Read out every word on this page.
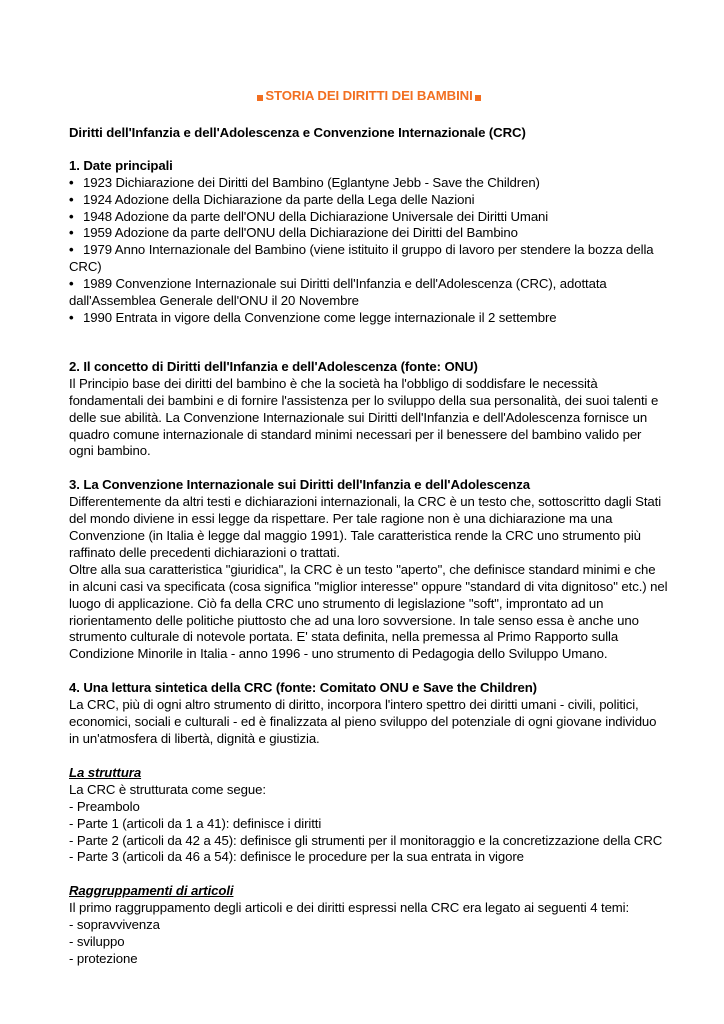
STORIA DEI DIRITTI DEI BAMBINI

Diritti dell'Infanzia e dell'Adolescenza e Convenzione Internazionale (CRC)

1. Date principali

• 1923 Dichiarazione dei Diritti del Bambino (Eglantyne Jebb - Save the Children)
• 1924 Adozione della Dichiarazione da parte della Lega delle Nazioni
• 1948 Adozione da parte dell'ONU della Dichiarazione Universale dei Diritti Umani
• 1959 Adozione da parte dell'ONU della Dichiarazione dei Diritti del Bambino
• 1979 Anno Internazionale del Bambino (viene istituito il gruppo di lavoro per stendere la bozza della CRC)
• 1989 Convenzione Internazionale sui Diritti dell'Infanzia e dell'Adolescenza (CRC), adottata dall'Assemblea Generale dell'ONU il 20 Novembre
• 1990 Entrata in vigore della Convenzione come legge internazionale il 2 settembre

2. Il concetto di Diritti dell'Infanzia e dell'Adolescenza (fonte: ONU)

Il Principio base dei diritti del bambino è che la società ha l'obbligo di soddisfare le necessità fondamentali dei bambini e di fornire l'assistenza per lo sviluppo della sua personalità, dei suoi talenti e delle sue abilità. La Convenzione Internazionale sui Diritti dell'Infanzia e dell'Adolescenza fornisce un quadro comune internazionale di standard minimi necessari per il benessere del bambino valido per ogni bambino.

3. La Convenzione Internazionale sui Diritti dell'Infanzia e dell'Adolescenza

Differentemente da altri testi e dichiarazioni internazionali, la CRC è un testo che, sottoscritto dagli Stati del mondo diviene in essi legge da rispettare. Per tale ragione non è una dichiarazione ma una Convenzione (in Italia è legge dal maggio 1991). Tale caratteristica rende la CRC uno strumento più raffinato delle precedenti dichiarazioni o trattati.

Oltre alla sua caratteristica "giuridica", la CRC è un testo "aperto", che definisce standard minimi e che in alcuni casi va specificata (cosa significa "miglior interesse" oppure "standard di vita dignitoso" etc.) nel luogo di applicazione. Ciò fa della CRC uno strumento di legislazione "soft", improntato ad un riorientamento delle politiche piuttosto che ad una loro sovversione. In tale senso essa è anche uno strumento culturale di notevole portata. E' stata definita, nella premessa al Primo Rapporto sulla Condizione Minorile in Italia - anno 1996 - uno strumento di Pedagogia dello Sviluppo Umano.

4. Una lettura sintetica della CRC (fonte: Comitato ONU e Save the Children)

La CRC, più di ogni altro strumento di diritto, incorpora l'intero spettro dei diritti umani - civili, politici, economici, sociali e culturali - ed è finalizzata al pieno sviluppo del potenziale di ogni giovane individuo in un'atmosfera di libertà, dignità e giustizia.

La struttura

La CRC è strutturata come segue:

- Preambolo

- Parte 1 (articoli da 1 a 41): definisce i diritti

- Parte 2 (articoli da 42 a 45): definisce gli strumenti per il monitoraggio e la concretizzazione della CRC

- Parte 3 (articoli da 46 a 54): definisce le procedure per la sua entrata in vigore

Raggruppamenti di articoli

Il primo raggruppamento degli articoli e dei diritti espressi nella CRC era legato ai seguenti 4 temi:

- sopravvivenza

- sviluppo

- protezione
